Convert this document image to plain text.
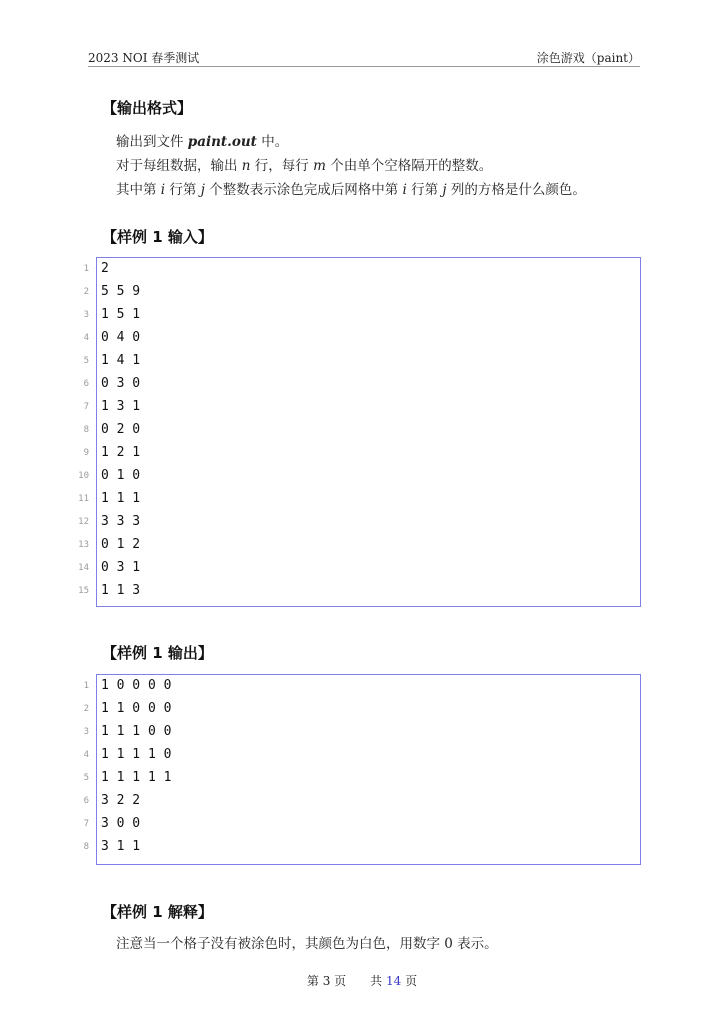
2023 NOI 春季测试	涂色游戏（paint）
【输出格式】
输出到文件 paint.out 中。
对于每组数据，输出 n 行，每行 m 个由单个空格隔开的整数。
其中第 i 行第 j 个整数表示涂色完成后网格中第 i 行第 j 列的方格是什么颜色。
【样例 1 输入】
1 2
2 5 5 9
3 1 5 1
4 0 4 0
5 1 4 1
6 0 3 0
7 1 3 1
8 0 2 0
9 1 2 1
10 0 1 0
11 1 1 1
12 3 3 3
13 0 1 2
14 0 3 1
15 1 1 3
【样例 1 输出】
1 1 0 0 0 0
2 1 1 0 0 0
3 1 1 1 0 0
4 1 1 1 1 0
5 1 1 1 1 1
6 3 2 2
7 3 0 0
8 3 1 1
【样例 1 解释】
注意当一个格子没有被涂色时，其颜色为白色，用数字 0 表示。
第 3 页 共 14 页
